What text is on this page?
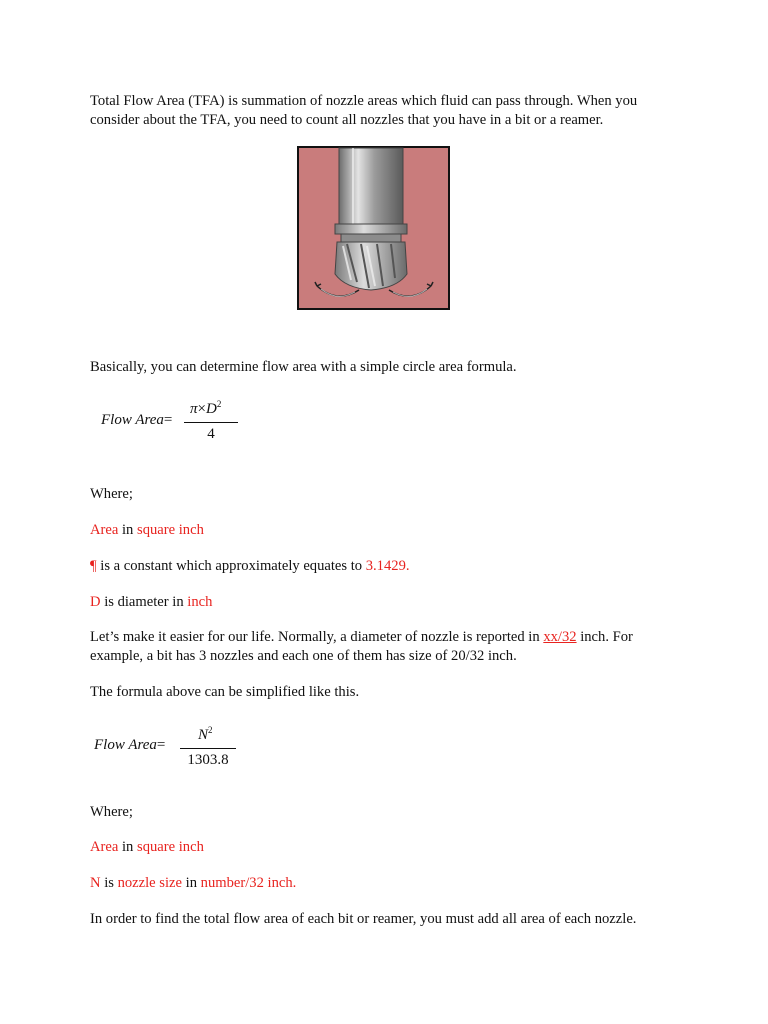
Total Flow Area (TFA) is summation of nozzle areas which fluid can pass through. When you
consider about the TFA, you need to count all nozzles that you have in a bit or a reamer.

Basically, you can determine flow area with a simple circle area formula.

Flow Area=
$\pi\times D^2$
4

Where;

Area in square inch

¶ is a constant which approximately equates to 3.1429.

D is diameter in inch

Let’s make it easier for our life. Normally, a diameter of nozzle is reported in xx/32 inch. For
example, a bit has 3 nozzles and each one of them has size of 20/32 inch.

The formula above can be simplified like this.

Flow Area=
$N^2$
1303.8

Where;

Area in square inch

N is nozzle size in number/32 inch.

In order to find the total flow area of each bit or reamer, you must add all area of each nozzle.
